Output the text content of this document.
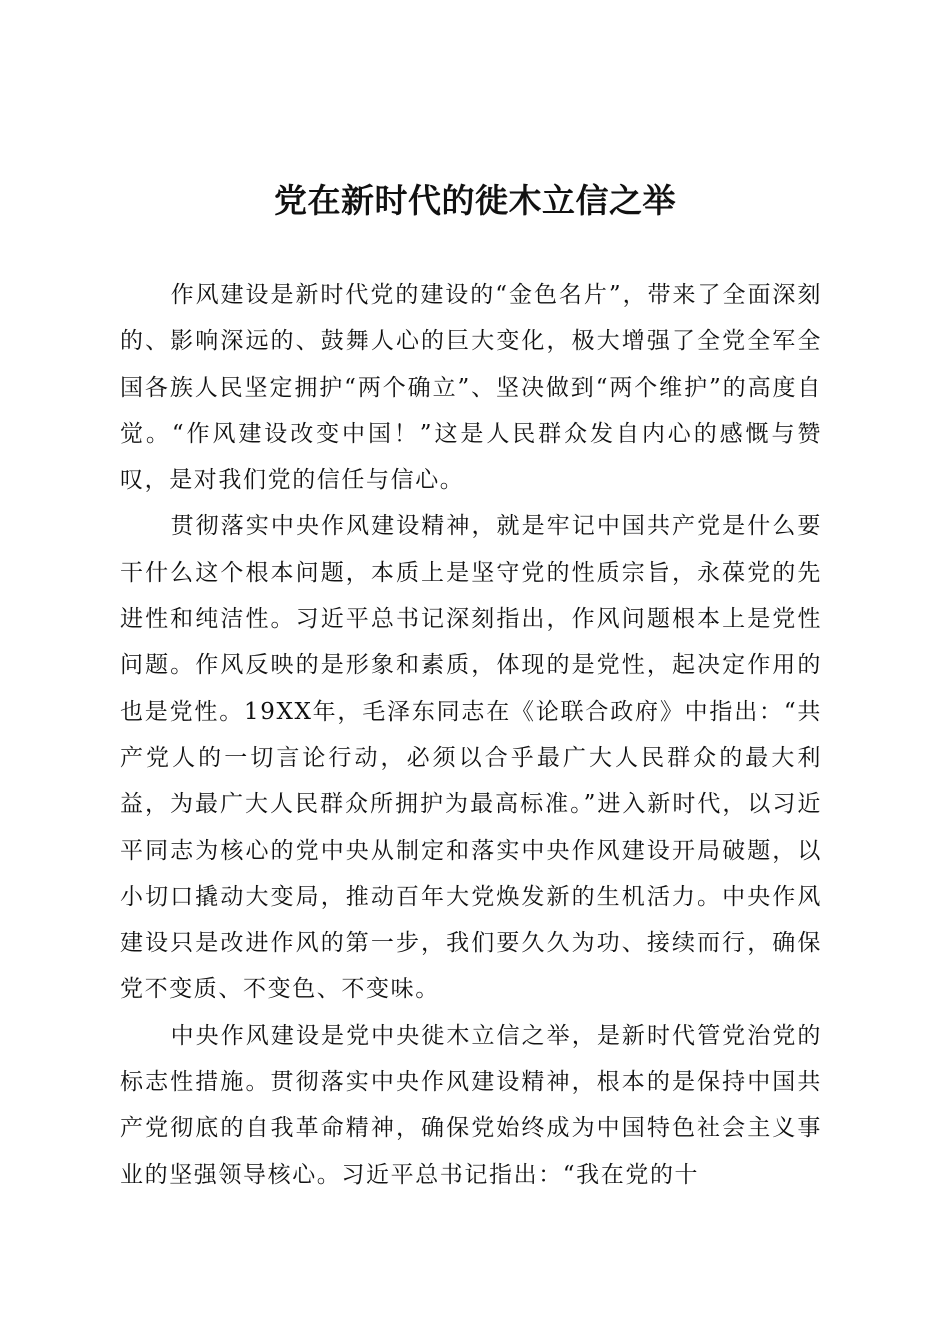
党在新时代的徙木立信之举

作风建设是新时代党的建设的“金色名片”，带来了全面深刻的、影响深远的、鼓舞人心的巨大变化，极大增强了全党全军全国各族人民坚定拥护“两个确立”、坚决做到“两个维护”的高度自觉。“作风建设改变中国！”这是人民群众发自内心的感慨与赞叹，是对我们党的信任与信心。

贯彻落实中央作风建设精神，就是牢记中国共产党是什么要干什么这个根本问题，本质上是坚守党的性质宗旨，永葆党的先进性和纯洁性。习近平总书记深刻指出，作风问题根本上是党性问题。作风反映的是形象和素质，体现的是党性，起决定作用的也是党性。19XX年，毛泽东同志在《论联合政府》中指出：“共产党人的一切言论行动，必须以合乎最广大人民群众的最大利益，为最广大人民群众所拥护为最高标准。”进入新时代，以习近平同志为核心的党中央从制定和落实中央作风建设开局破题，以小切口撬动大变局，推动百年大党焕发新的生机活力。中央作风建设只是改进作风的第一步，我们要久久为功、接续而行，确保党不变质、不变色、不变味。

中央作风建设是党中央徙木立信之举，是新时代管党治党的标志性措施。贯彻落实中央作风建设精神，根本的是保持中国共产党彻底的自我革命精神，确保党始终成为中国特色社会主义事业的坚强领导核心。习近平总书记指出：“我在党的十
